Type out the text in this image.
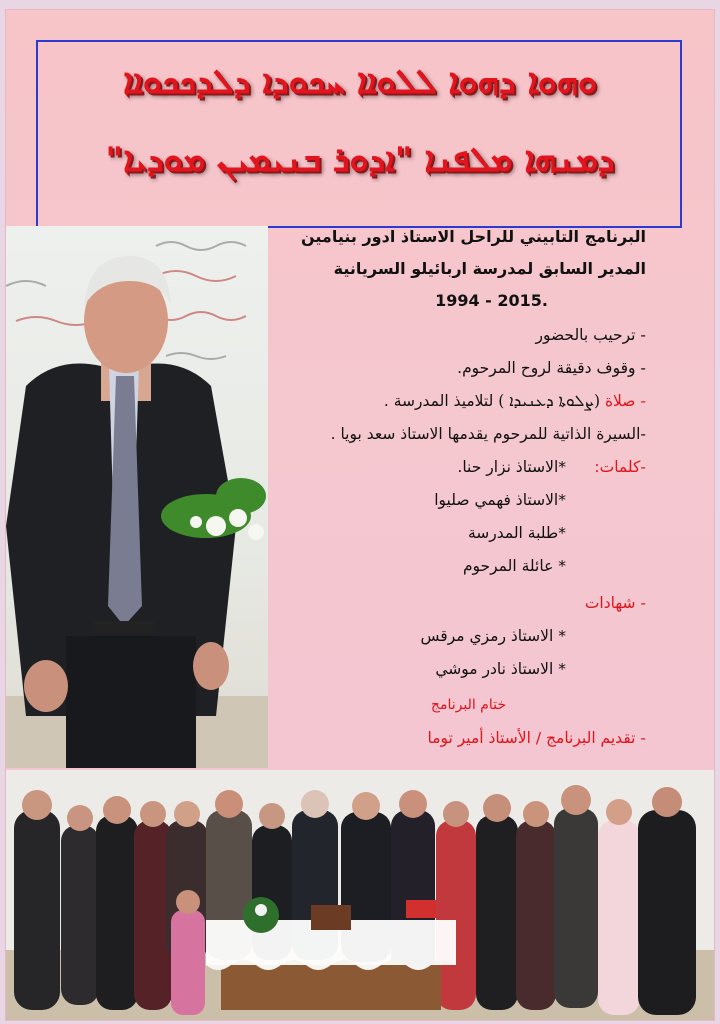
ܘܗܘܐ ܕܗܘܐ ܠܠܘܐܐ ܚܟܘܕܐ ܕܠܕܟܟܘܐܐ
ܕܡܢܗܐ ܡܠܦܢܐ "ܐܕܘܪ ܒܢܝܡܝܢ ܡܘܕܝܐ"
البرنامج التابيني للراحل الاستاذ ادور بنيامين
المدير السابق لمدرسة اربائيلو السريانية
1994 - 2015.
- ترحيب بالحضور
- وقوف دقيقة لروح المرحوم.
- صلاة (ܨܠܘܬܐ ܕܥܢܝܕܐ ) لتلاميذ المدرسة .
-السيرة الذاتية للمرحوم يقدمها الاستاذ سعد بويا .
-كلمات:
*الاستاذ نزار حنا.
*الاستاذ فهمي صليوا
*طلبة المدرسة
* عائلة المرحوم
- شهادات
* الاستاذ رمزي مرقس
* الاستاذ نادر موشي
ختام البرنامج
- تقديم البرنامج / الأستاذ أمير توما
